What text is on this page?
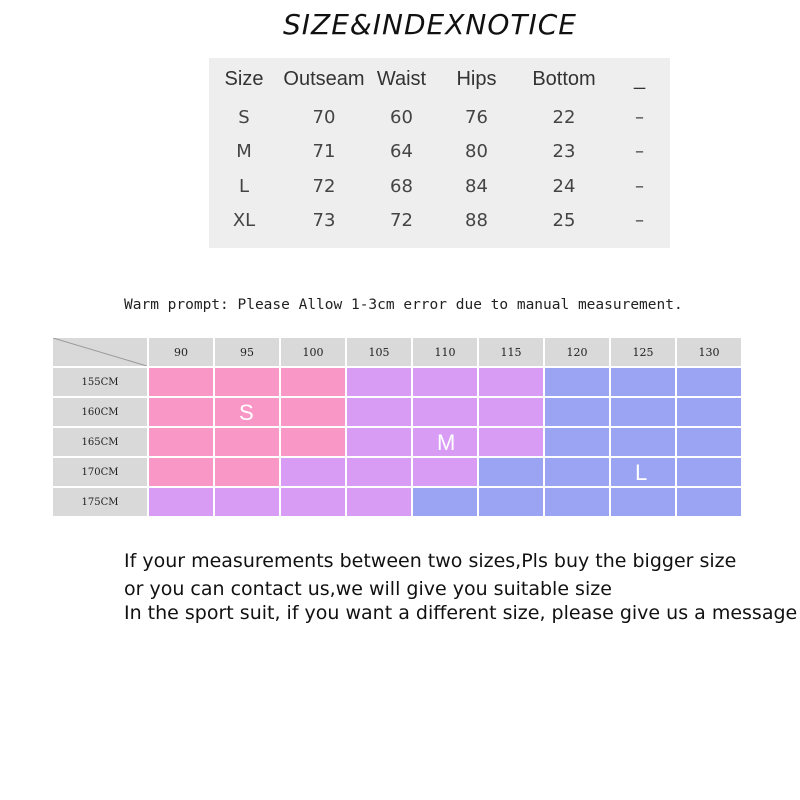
SIZE&INDEXNOTICE
Size	Outseam	Waist	Hips	Bottom	_
S	70	60	76	22	–
M	71	64	80	23	–
L	72	68	84	24	–
XL	73	72	88	25	–
Warm prompt: Please Allow 1-3cm error due to manual measurement.
	90	95	100	105	110	115	120	125	130
155CM									
160CM		S							

165CM					M				

170CM								L	

175CM									
If your measurements between two sizes,Pls buy the bigger size
or you can contact us,we will give you suitable size
In the sport suit, if you want a different size, please give us a message
